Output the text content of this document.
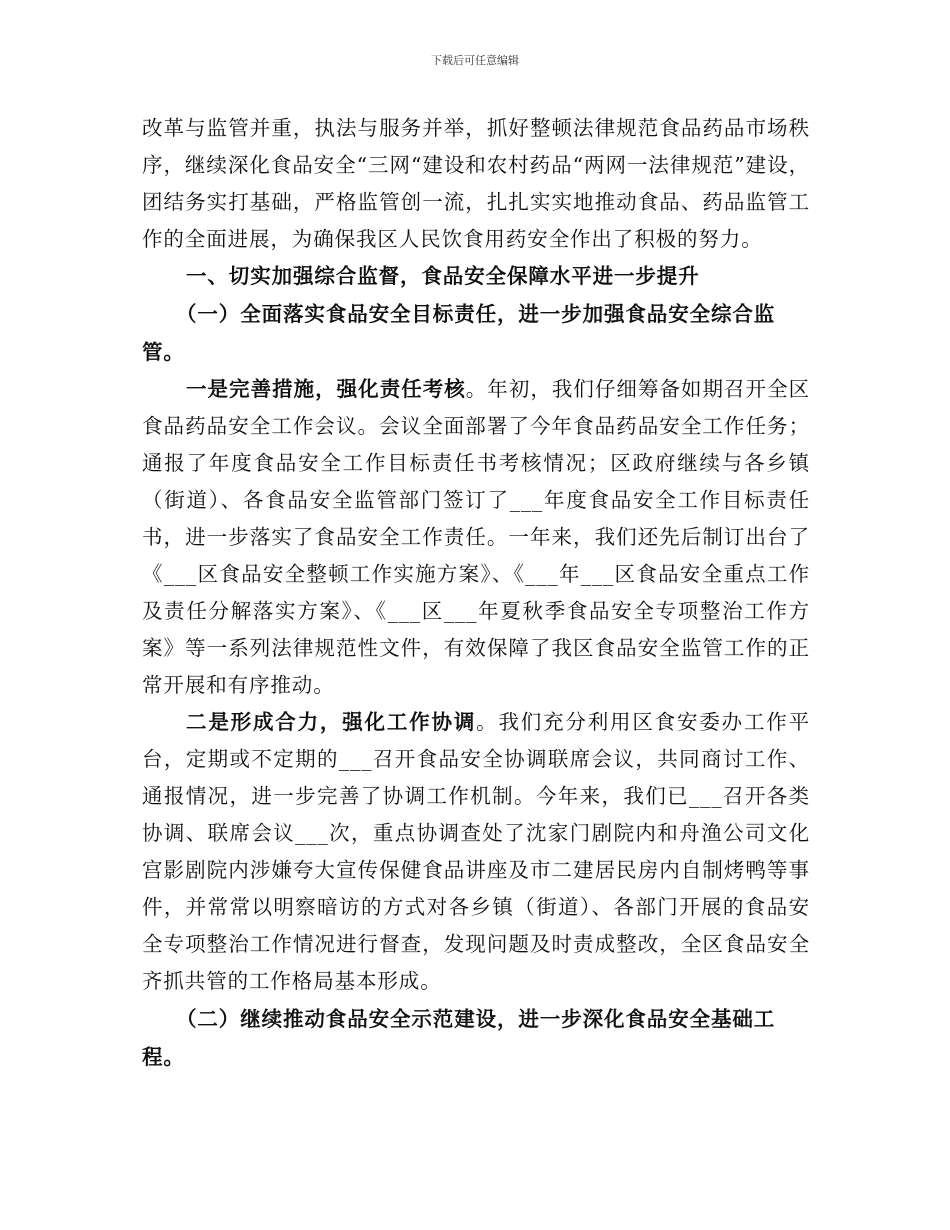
下载后可任意编辑

改革与监管并重，执法与服务并举，抓好整顿法律规范食品药品市场秩序，继续深化食品安全“三网“建设和农村药品“两网一法律规范”建设，团结务实打基础，严格监管创一流，扎扎实实地推动食品、药品监管工作的全面进展，为确保我区人民饮食用药安全作出了积极的努力。

一、切实加强综合监督，食品安全保障水平进一步提升

（一）全面落实食品安全目标责任，进一步加强食品安全综合监管。

一是完善措施，强化责任考核。年初，我们仔细筹备如期召开全区食品药品安全工作会议。会议全面部署了今年食品药品安全工作任务；通报了年度食品安全工作目标责任书考核情况；区政府继续与各乡镇（街道）、各食品安全监管部门签订了___年度食品安全工作目标责任书，进一步落实了食品安全工作责任。一年来，我们还先后制订出台了《___区食品安全整顿工作实施方案》、《___年___区食品安全重点工作及责任分解落实方案》、《___区___年夏秋季食品安全专项整治工作方案》等一系列法律规范性文件，有效保障了我区食品安全监管工作的正常开展和有序推动。

二是形成合力，强化工作协调。我们充分利用区食安委办工作平台，定期或不定期的___召开食品安全协调联席会议，共同商讨工作、通报情况，进一步完善了协调工作机制。今年来，我们已___召开各类协调、联席会议___次，重点协调查处了沈家门剧院内和舟渔公司文化宫影剧院内涉嫌夸大宣传保健食品讲座及市二建居民房内自制烤鸭等事件，并常常以明察暗访的方式对各乡镇（街道）、各部门开展的食品安全专项整治工作情况进行督查，发现问题及时责成整改，全区食品安全齐抓共管的工作格局基本形成。

（二）继续推动食品安全示范建设，进一步深化食品安全基础工程。
